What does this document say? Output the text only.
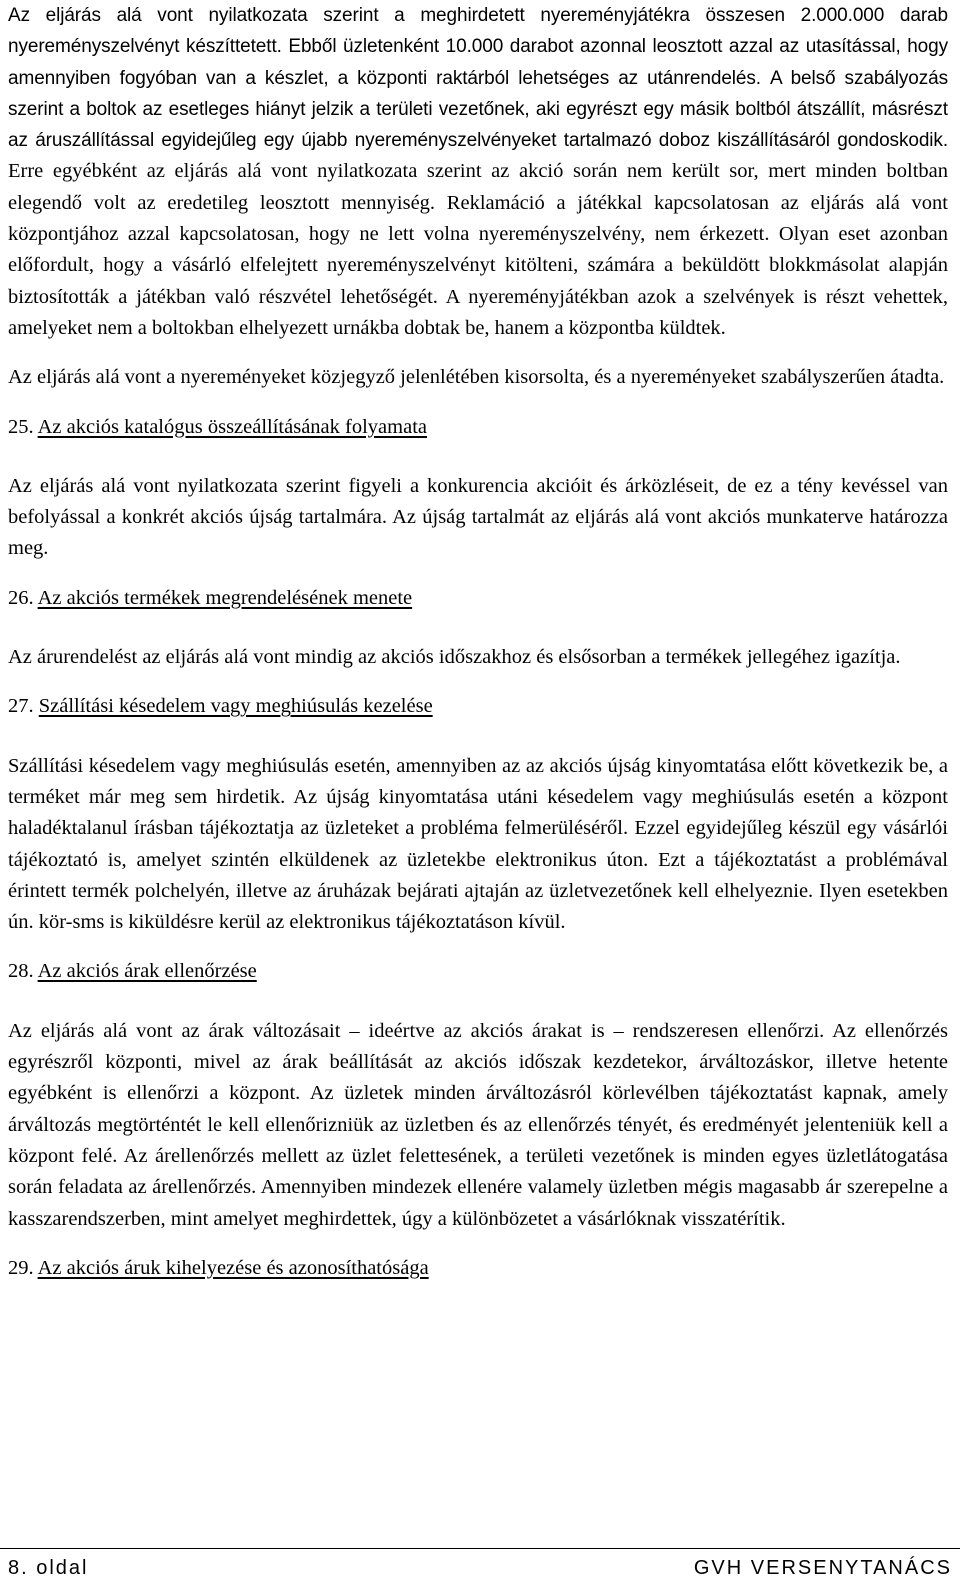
Az eljárás alá vont nyilatkozata szerint a meghirdetett nyereményjátékra összesen 2.000.000 darab nyereményszelvényt készíttetett. Ebből üzletenként 10.000 darabot azonnal leosztott azzal az utasítással, hogy amennyiben fogyóban van a készlet, a központi raktárból lehetséges az utánrendelés. A belső szabályozás szerint a boltok az esetleges hiányt jelzik a területi vezetőnek, aki egyrészt egy másik boltból átszállít, másrészt az áruszállítással egyidejűleg egy újabb nyereményszelvényeket tartalmazó doboz kiszállításáról gondoskodik. Erre egyébként az eljárás alá vont nyilatkozata szerint az akció során nem került sor, mert minden boltban elegendő volt az eredetileg leosztott mennyiség. Reklamáció a játékkal kapcsolatosan az eljárás alá vont központjához azzal kapcsolatosan, hogy ne lett volna nyereményszelvény, nem érkezett. Olyan eset azonban előfordult, hogy a vásárló elfelejtett nyereményszelvényt kitölteni, számára a beküldött blokkmásolat alapján biztosították a játékban való részvétel lehetőségét. A nyereményjátékban azok a szelvények is részt vehettek, amelyeket nem a boltokban elhelyezett urnákba dobtak be, hanem a központba küldtek.

Az eljárás alá vont a nyereményeket közjegyző jelenlétében kisorsolta, és a nyereményeket szabályszerűen átadta.

25. Az akciós katalógus összeállításának folyamata

Az eljárás alá vont nyilatkozata szerint figyeli a konkurencia akcióit és árközléseit, de ez a tény kevéssel van befolyással a konkrét akciós újság tartalmára. Az újság tartalmát az eljárás alá vont akciós munkaterve határozza meg.

26. Az akciós termékek megrendelésének menete

Az árurendelést az eljárás alá vont mindig az akciós időszakhoz és elsősorban a termékek jellegéhez igazítja.

27. Szállítási késedelem vagy meghiúsulás kezelése

Szállítási késedelem vagy meghiúsulás esetén, amennyiben az az akciós újság kinyomtatása előtt következik be, a terméket már meg sem hirdetik. Az újság kinyomtatása utáni késedelem vagy meghiúsulás esetén a központ haladéktalanul írásban tájékoztatja az üzleteket a probléma felmerüléséről. Ezzel egyidejűleg készül egy vásárlói tájékoztató is, amelyet szintén elküldenek az üzletekbe elektronikus úton. Ezt a tájékoztatást a problémával érintett termék polchelyén, illetve az áruházak bejárati ajtaján az üzletvezetőnek kell elhelyeznie. Ilyen esetekben ún. kör-sms is kiküldésre kerül az elektronikus tájékoztatáson kívül.

28. Az akciós árak ellenőrzése

Az eljárás alá vont az árak változásait – ideértve az akciós árakat is – rendszeresen ellenőrzi. Az ellenőrzés egyrészről központi, mivel az árak beállítását az akciós időszak kezdetekor, árváltozáskor, illetve hetente egyébként is ellenőrzi a központ. Az üzletek minden árváltozásról körlevélben tájékoztatást kapnak, amely árváltozás megtörténtét le kell ellenőrizniük az üzletben és az ellenőrzés tényét, és eredményét jelenteniük kell a központ felé. Az árellenőrzés mellett az üzlet felettesének, a területi vezetőnek is minden egyes üzletlátogatása során feladata az árellenőrzés. Amennyiben mindezek ellenére valamely üzletben mégis magasabb ár szerepelne a kasszarendszerben, mint amelyet meghirdettek, úgy a különbözetet a vásárlóknak visszatérítik.

29. Az akciós áruk kihelyezése és azonosíthatósága

8. oldal	GVH VERSENYTANÁCS
